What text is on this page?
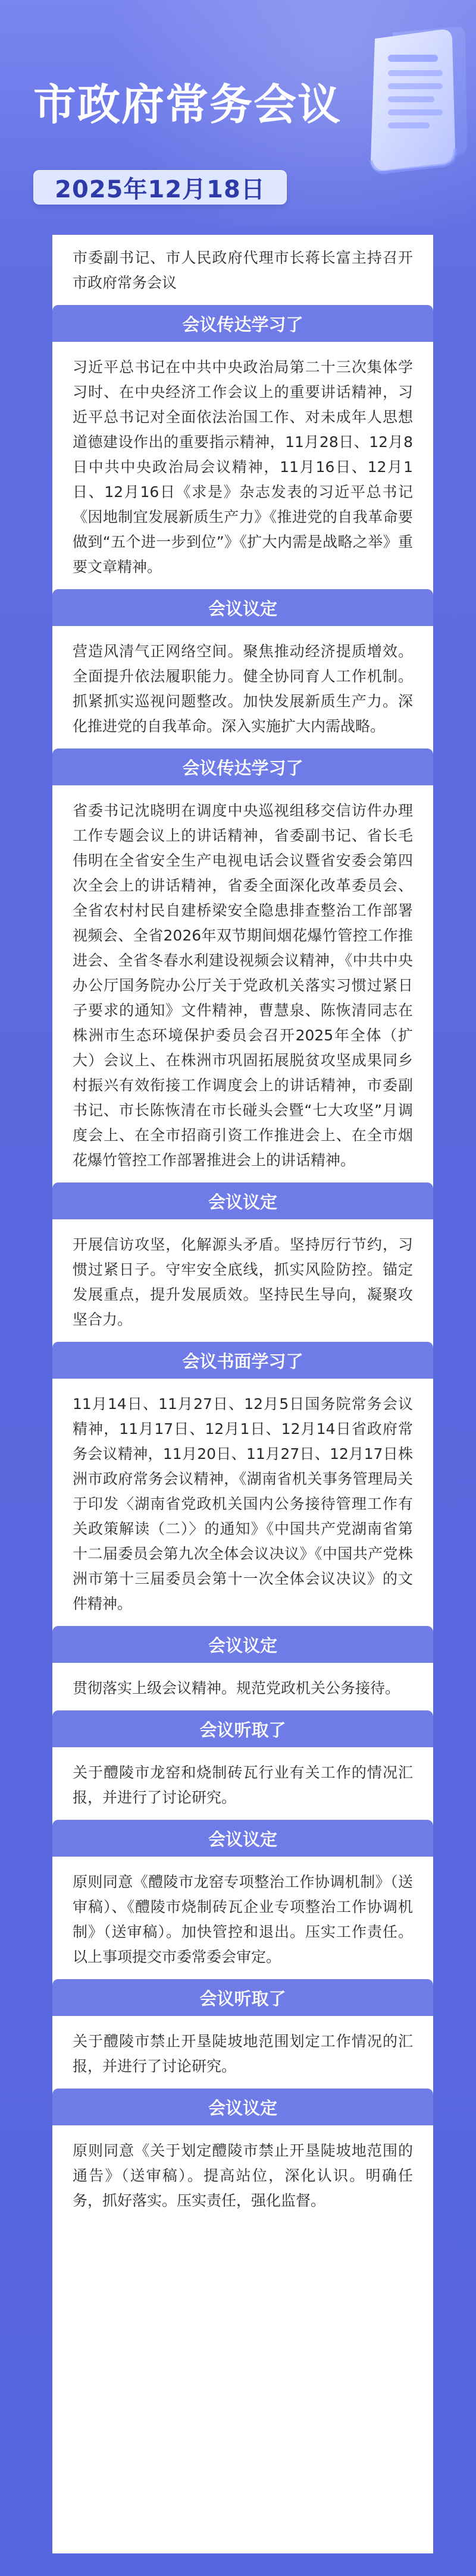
市政府常务会议
2025年12月18日
市委副书记、市人民政府代理市长蒋长富主持召开市政府常务会议
会议传达学习了
习近平总书记在中共中央政治局第二十三次集体学习时、在中央经济工作会议上的重要讲话精神，习近平总书记对全面依法治国工作、对未成年人思想道德建设作出的重要指示精神，11月28日、12月8日中共中央政治局会议精神，11月16日、12月1日、12月16日《求是》杂志发表的习近平总书记《因地制宜发展新质生产力》《推进党的自我革命要做到“五个进一步到位”》《扩大内需是战略之举》重要文章精神。
会议议定
营造风清气正网络空间。聚焦推动经济提质增效。全面提升依法履职能力。健全协同育人工作机制。抓紧抓实巡视问题整改。加快发展新质生产力。深化推进党的自我革命。深入实施扩大内需战略。
会议传达学习了
省委书记沈晓明在调度中央巡视组移交信访件办理工作专题会议上的讲话精神，省委副书记、省长毛伟明在全省安全生产电视电话会议暨省安委会第四次全会上的讲话精神，省委全面深化改革委员会、全省农村村民自建桥梁安全隐患排查整治工作部署视频会、全省2026年双节期间烟花爆竹管控工作推进会、全省冬春水利建设视频会议精神，《中共中央办公厅国务院办公厅关于党政机关落实习惯过紧日子要求的通知》文件精神，曹慧泉、陈恢清同志在株洲市生态环境保护委员会召开2025年全体（扩大）会议上、在株洲市巩固拓展脱贫攻坚成果同乡村振兴有效衔接工作调度会上的讲话精神，市委副书记、市长陈恢清在市长碰头会暨“七大攻坚”月调度会上、在全市招商引资工作推进会上、在全市烟花爆竹管控工作部署推进会上的讲话精神。
会议议定
开展信访攻坚，化解源头矛盾。坚持厉行节约，习惯过紧日子。守牢安全底线，抓实风险防控。锚定发展重点，提升发展质效。坚持民生导向，凝聚攻坚合力。
会议书面学习了
11月14日、11月27日、12月5日国务院常务会议精神，11月17日、12月1日、12月14日省政府常务会议精神，11月20日、11月27日、12月17日株洲市政府常务会议精神，《湖南省机关事务管理局关于印发〈湖南省党政机关国内公务接待管理工作有关政策解读（二）〉的通知》《中国共产党湖南省第十二届委员会第九次全体会议决议》《中国共产党株洲市第十三届委员会第十一次全体会议决议》的文件精神。
会议议定
贯彻落实上级会议精神。规范党政机关公务接待。
会议听取了
关于醴陵市龙窑和烧制砖瓦行业有关工作的情况汇报，并进行了讨论研究。
会议议定
原则同意《醴陵市龙窑专项整治工作协调机制》（送审稿）、《醴陵市烧制砖瓦企业专项整治工作协调机制》（送审稿）。加快管控和退出。压实工作责任。以上事项提交市委常委会审定。
会议听取了
关于醴陵市禁止开垦陡坡地范围划定工作情况的汇报，并进行了讨论研究。
会议议定
原则同意《关于划定醴陵市禁止开垦陡坡地范围的通告》（送审稿）。提高站位，深化认识。明确任务，抓好落实。压实责任，强化监督。
